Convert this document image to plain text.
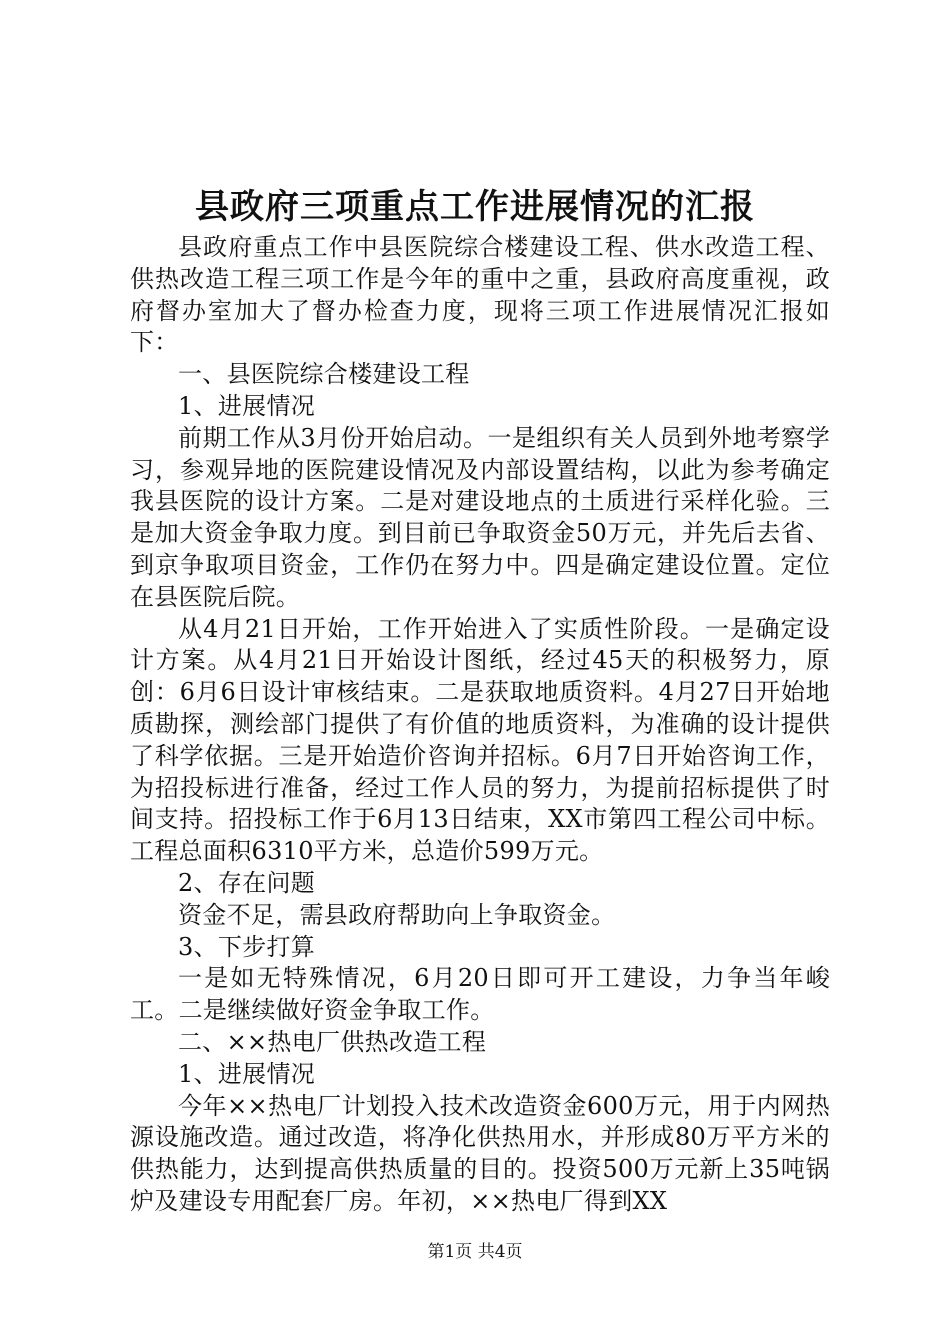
县政府三项重点工作进展情况的汇报

县政府重点工作中县医院综合楼建设工程、供水改造工程、供热改造工程三项工作是今年的重中之重，县政府高度重视，政府督办室加大了督办检查力度，现将三项工作进展情况汇报如下：

一、县医院综合楼建设工程

1、进展情况

前期工作从3月份开始启动。一是组织有关人员到外地考察学习，参观异地的医院建设情况及内部设置结构，以此为参考确定我县医院的设计方案。二是对建设地点的土质进行采样化验。三是加大资金争取力度。到目前已争取资金50万元，并先后去省、到京争取项目资金，工作仍在努力中。四是确定建设位置。定位在县医院后院。

从4月21日开始，工作开始进入了实质性阶段。一是确定设计方案。从4月21日开始设计图纸，经过45天的积极努力，原创：6月6日设计审核结束。二是获取地质资料。4月27日开始地质勘探，测绘部门提供了有价值的地质资料，为准确的设计提供了科学依据。三是开始造价咨询并招标。6月7日开始咨询工作，为招投标进行准备，经过工作人员的努力，为提前招标提供了时间支持。招投标工作于6月13日结束，XX市第四工程公司中标。工程总面积6310平方米，总造价599万元。

2、存在问题

资金不足，需县政府帮助向上争取资金。

3、下步打算

一是如无特殊情况，6月20日即可开工建设，力争当年峻工。二是继续做好资金争取工作。

二、××热电厂供热改造工程

1、进展情况

今年××热电厂计划投入技术改造资金600万元，用于内网热源设施改造。通过改造，将净化供热用水，并形成80万平方米的供热能力，达到提高供热质量的目的。投资500万元新上35吨锅炉及建设专用配套厂房。年初，××热电厂得到XX

第1页 共4页
